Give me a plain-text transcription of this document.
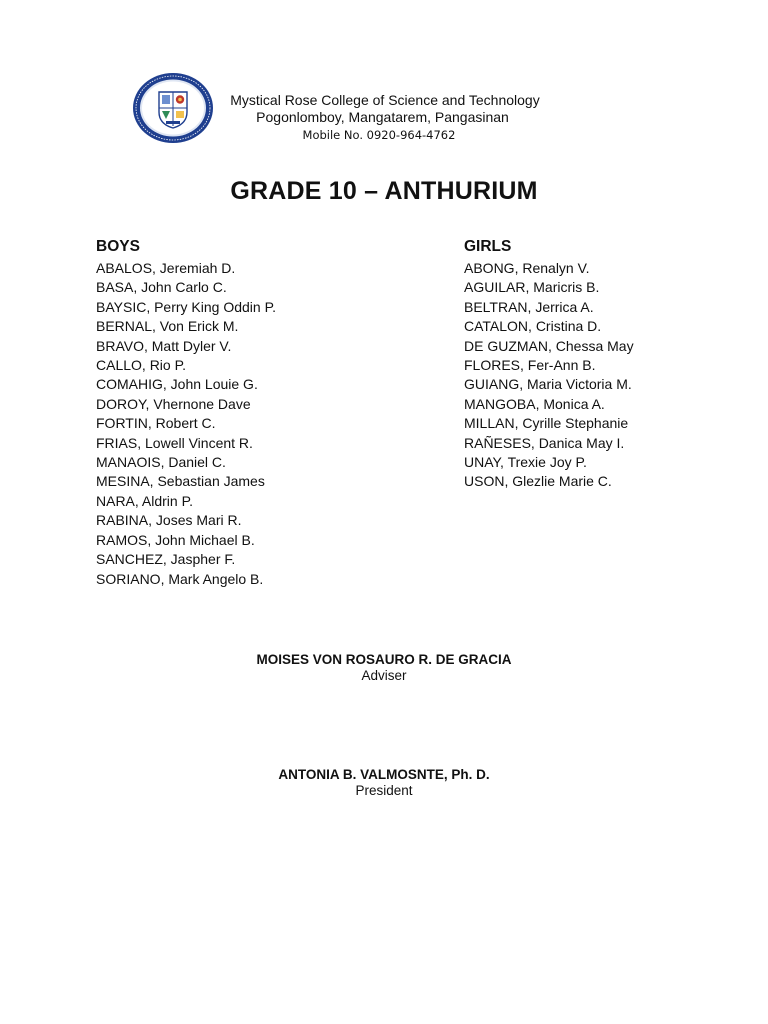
Mystical Rose College of Science and Technology
Pogonlomboy, Mangatarem, Pangasinan
Mobile No. 0920-964-4762
GRADE 10 – ANTHURIUM
BOYS
ABALOS, Jeremiah D.
BASA, John Carlo C.
BAYSIC, Perry King Oddin P.
BERNAL, Von Erick M.
BRAVO, Matt Dyler V.
CALLO, Rio P.
COMAHIG, John Louie G.
DOROY, Vhernone Dave
FORTIN, Robert C.
FRIAS, Lowell Vincent R.
MANAOIS, Daniel C.
MESINA, Sebastian James
NARA, Aldrin P.
RABINA, Joses Mari R.
RAMOS, John Michael B.
SANCHEZ, Jaspher F.
SORIANO, Mark Angelo B.
GIRLS
ABONG, Renalyn V.
AGUILAR, Maricris B.
BELTRAN, Jerrica A.
CATALON, Cristina D.
DE GUZMAN, Chessa May
FLORES, Fer-Ann B.
GUIANG, Maria Victoria M.
MANGOBA, Monica A.
MILLAN, Cyrille Stephanie
RAÑESES, Danica May I.
UNAY, Trexie Joy P.
USON, Glezlie Marie C.
MOISES VON ROSAURO R. DE GRACIA
Adviser
ANTONIA B. VALMOSNTE, Ph. D.
President
